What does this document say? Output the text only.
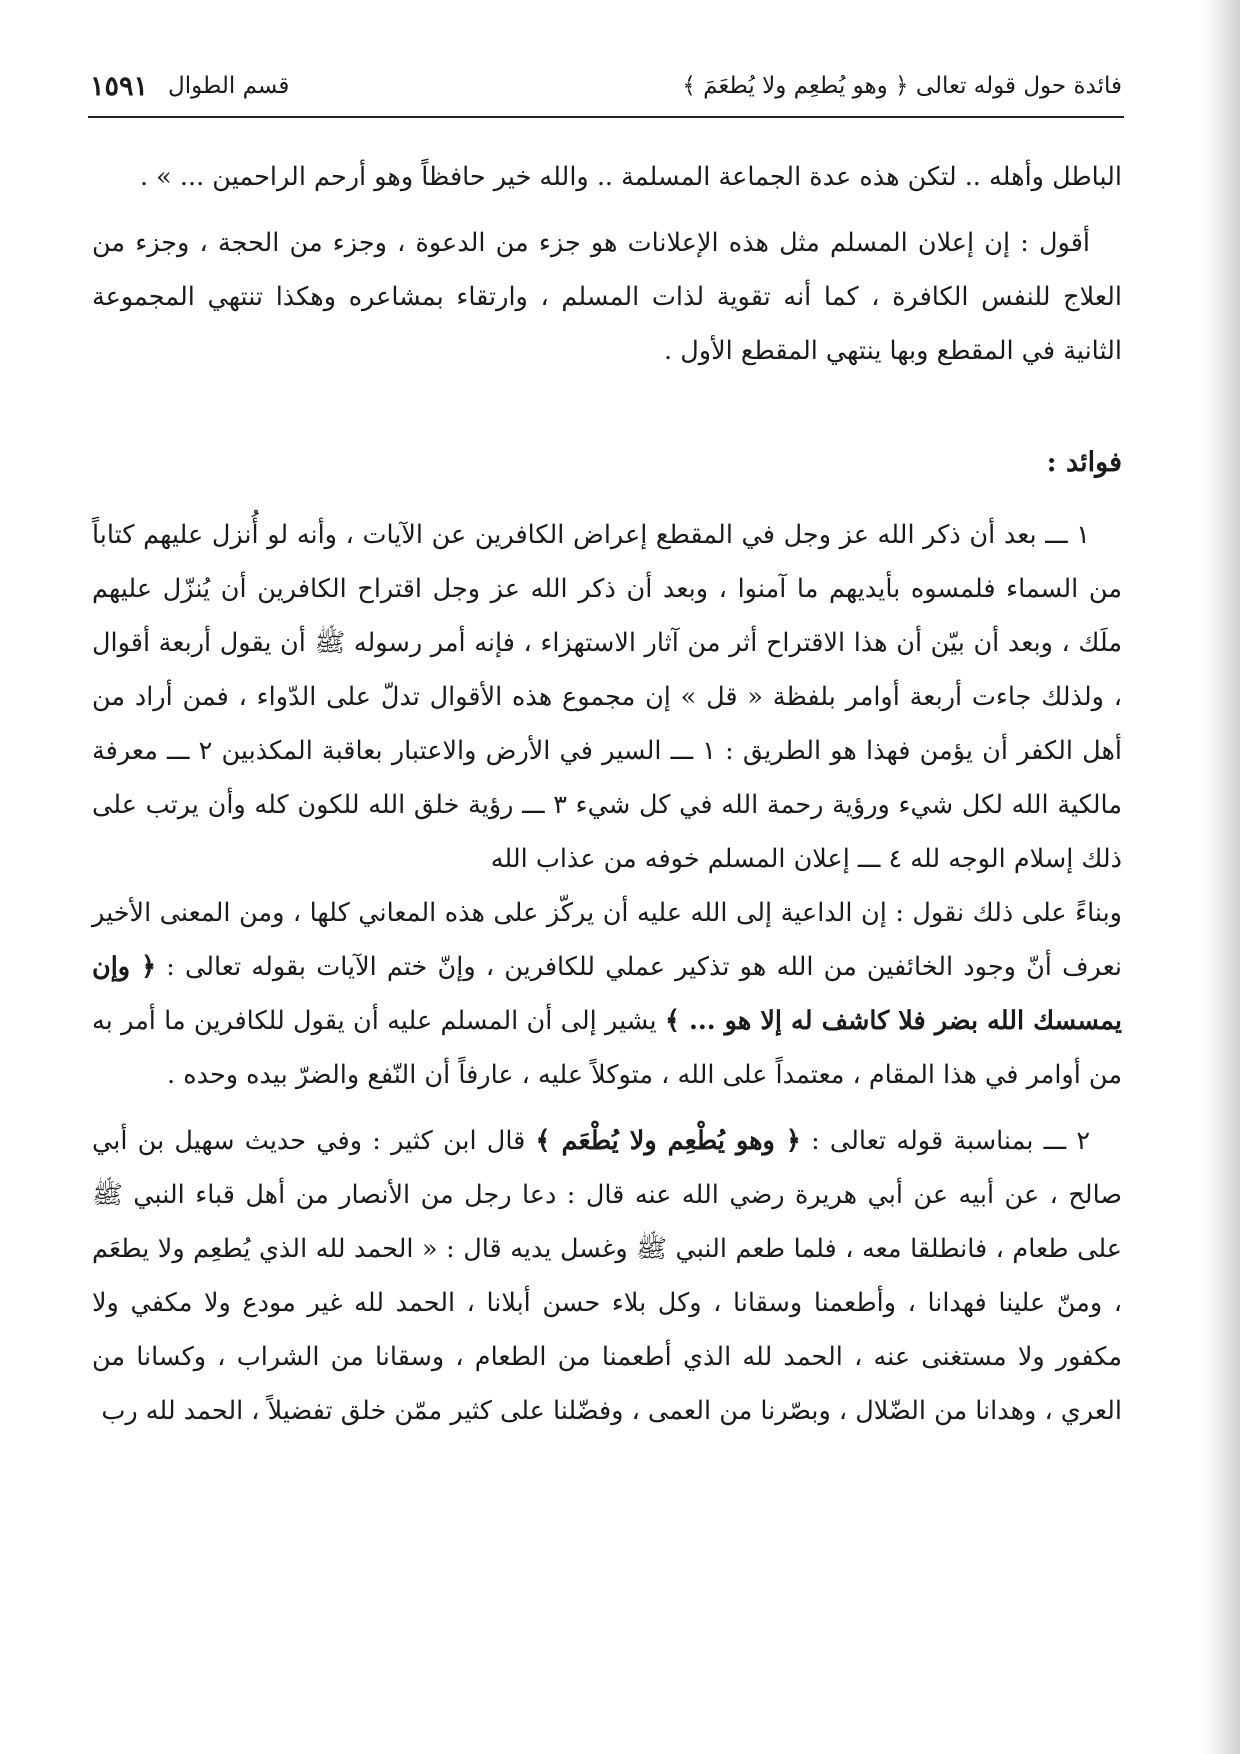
فائدة حول قوله تعالى ﴿ وهو يُطعِم ولا يُطعَمَ ﴾
قسم الطوال
١٥٩١

الباطل وأهله .. لتكن هذه عدة الجماعة المسلمة .. والله خير حافظاً وهو أرحم الراحمين ... » .

أقول : إن إعلان المسلم مثل هذه الإعلانات هو جزء من الدعوة ، وجزء من الحجة ، وجزء من العلاج للنفس الكافرة ، كما أنه تقوية لذات المسلم ، وارتقاء بمشاعره وهكذا تنتهي المجموعة الثانية في المقطع وبها ينتهي المقطع الأول .

فوائد :

١ ـــ بعد أن ذكر الله عز وجل في المقطع إعراض الكافرين عن الآيات ، وأنه لو أُنزل عليهم كتاباً من السماء فلمسوه بأيديهم ما آمنوا ، وبعد أن ذكر الله عز وجل اقتراح الكافرين أن يُنزّل عليهم ملَك ، وبعد أن بيّن أن هذا الاقتراح أثر من آثار الاستهزاء ، فإنه أمر رسوله ﷺ أن يقول أربعة أقوال ، ولذلك جاءت أربعة أوامر بلفظة « قل » إن مجموع هذه الأقوال تدلّ على الدّواء ، فمن أراد من أهل الكفر أن يؤمن فهذا هو الطريق : ١ ـــ السير في الأرض والاعتبار بعاقبة المكذبين ٢ ـــ معرفة مالكية الله لكل شيء ورؤية رحمة الله في كل شيء ٣ ـــ رؤية خلق الله للكون كله وأن يرتب على ذلك إسلام الوجه لله ٤ ـــ إعلان المسلم خوفه من عذاب الله

وبناءً على ذلك نقول : إن الداعية إلى الله عليه أن يركّز على هذه المعاني كلها ، ومن المعنى الأخير نعرف أنّ وجود الخائفين من الله هو تذكير عملي للكافرين ، وإنّ ختم الآيات بقوله تعالى : ﴿ وإن يمسسك الله بضر فلا كاشف له إلا هو ... ﴾ يشير إلى أن المسلم عليه أن يقول للكافرين ما أمر به من أوامر في هذا المقام ، معتمداً على الله ، متوكلاً عليه ، عارفاً أن النّفع والضرّ بيده وحده .

٢ ـــ بمناسبة قوله تعالى : ﴿ وهو يُطْعِم ولا يُطْعَم ﴾ قال ابن كثير : وفي حديث سهيل بن أبي صالح ، عن أبيه عن أبي هريرة رضي الله عنه قال : دعا رجل من الأنصار من أهل قباء النبي ﷺ على طعام ، فانطلقا معه ، فلما طعم النبي ﷺ وغسل يديه قال : « الحمد لله الذي يُطعِم ولا يطعَم ، ومنّ علينا فهدانا ، وأطعمنا وسقانا ، وكل بلاء حسن أبلانا ، الحمد لله غير مودع ولا مكفي ولا مكفور ولا مستغنى عنه ، الحمد لله الذي أطعمنا من الطعام ، وسقانا من الشراب ، وكسانا من العري ، وهدانا من الضّلال ، وبصّرنا من العمى ، وفضّلنا على كثير ممّن خلق تفضيلاً ، الحمد لله رب
